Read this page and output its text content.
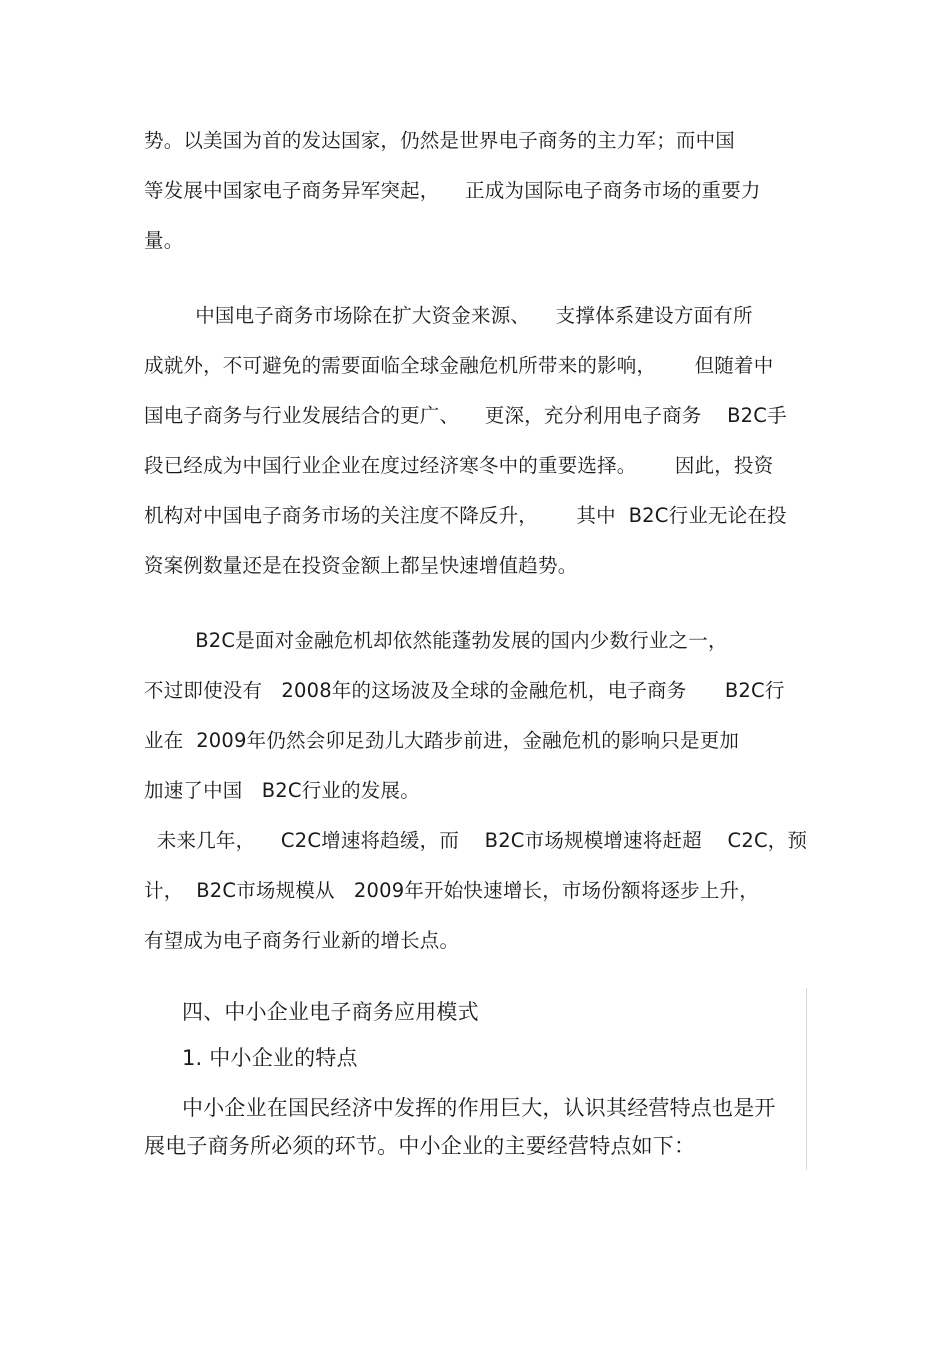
势。以美国为首的发达国家，仍然是世界电子商务的主力军；而中国
等发展中国家电子商务异军突起，    正成为国际电子商务市场的重要力
量。
中国电子商务市场除在扩大资金来源、    支撑体系建设方面有所
成就外，不可避免的需要面临全球金融危机所带来的影响，      但随着中
国电子商务与行业发展结合的更广、    更深，充分利用电子商务    B2C手
段已经成为中国行业企业在度过经济寒冬中的重要选择。      因此，投资
机构对中国电子商务市场的关注度不降反升，      其中  B2C行业无论在投
资案例数量还是在投资金额上都呈快速增值趋势。
B2C是面对金融危机却依然能蓬勃发展的国内少数行业之一，
不过即使没有   2008年的这场波及全球的金融危机，电子商务      B2C行
业在  2009年仍然会卯足劲儿大踏步前进，金融危机的影响只是更加
加速了中国   B2C行业的发展。
未来几年，    C2C增速将趋缓，而    B2C市场规模增速将赶超    C2C，预
计，  B2C市场规模从   2009年开始快速增长，市场份额将逐步上升，
有望成为电子商务行业新的增长点。
四、中小企业电子商务应用模式
1. 中小企业的特点
中小企业在国民经济中发挥的作用巨大，认识其经营特点也是开
展电子商务所必须的环节。中小企业的主要经营特点如下：
